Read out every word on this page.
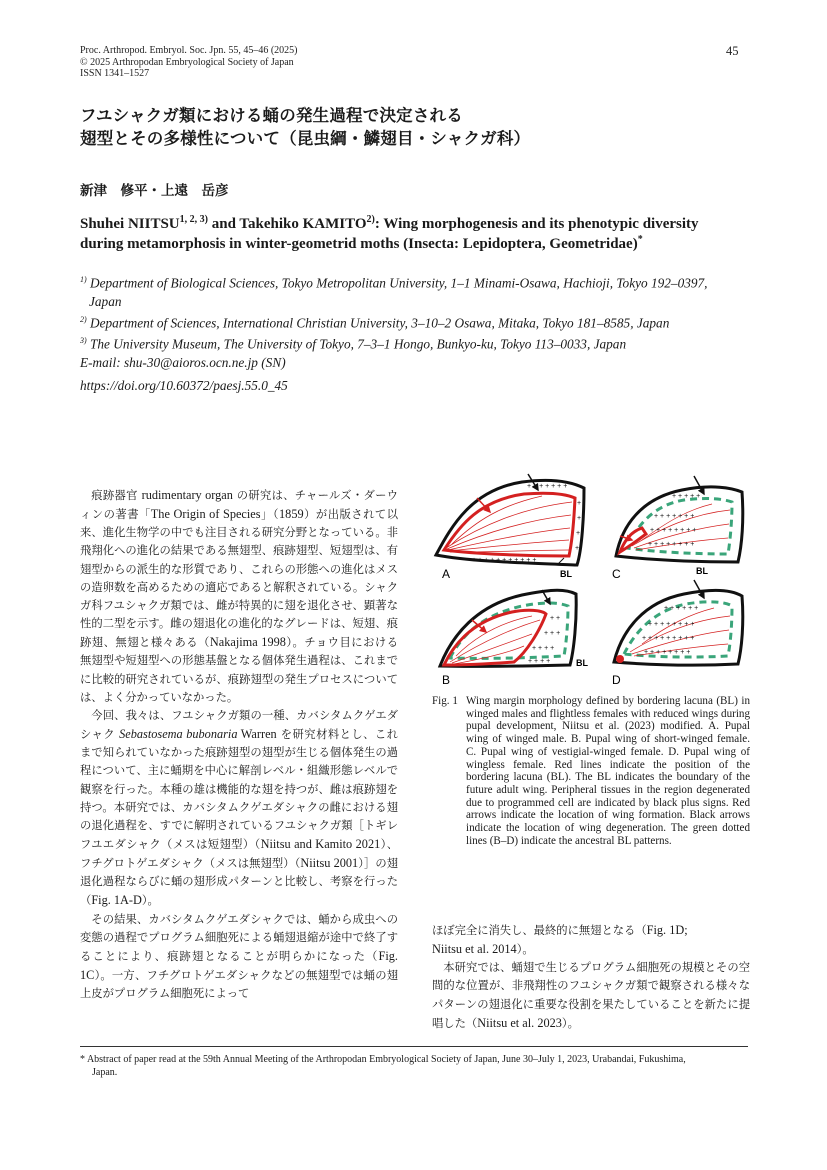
Proc. Arthropod. Embryol. Soc. Jpn. 55, 45–46 (2025)
© 2025 Arthropodan Embryological Society of Japan
ISSN 1341–1527
45
フユシャクガ類における蛹の発生過程で決定される
翅型とその多様性について（昆虫綱・鱗翅目・シャクガ科）
新津　修平・上遠　岳彦
Shuhei NIITSU$^{1, 2, 3)}$ and Takehiko KAMITO$^{2)}$: Wing morphogenesis and its phenotypic diversity
during metamorphosis in winter-geometrid moths (Insecta: Lepidoptera, Geometridae)*
$^{1)}$ Department of Biological Sciences, Tokyo Metropolitan University, 1–1 Minami-Osawa, Hachioji, Tokyo 192–0397,
Japan
$^{2)}$ Department of Sciences, International Christian University, 3–10–2 Osawa, Mitaka, Tokyo 181–8585, Japan
$^{3)}$ The University Museum, The University of Tokyo, 7–3–1 Hongo, Bunkyo-ku, Tokyo 113–0033, Japan
E-mail: shu-30@aioros.ocn.ne.jp (SN)
https://doi.org/10.60372/paesj.55.0_45

痕跡器官 rudimentary organ の研究は、チャールズ・ダーウィンの著書「The Origin of Species」（1859）が出版されて以来、進化生物学の中でも注目される研究分野となっている。非飛翔化への進化の結果である無翅型、痕跡翅型、短翅型は、有翅型からの派生的な形質であり、これらの形態への進化はメスの造卵数を高めるための適応であると解釈されている。シャクガ科フユシャクガ類では、雌が特異的に翅を退化させ、顕著な性的二型を示す。雌の翅退化の進化的なグレードは、短翅、痕跡翅、無翅と様々ある（Nakajima 1998）。チョウ目における無翅型や短翅型への形態基盤となる個体発生過程は、これまでに比較的研究されているが、痕跡翅型の発生プロセスについては、よく分かっていなかった。

今回、我々は、フユシャクガ類の一種、カバシタムクゲエダシャク Sebastosema bubonaria Warren を研究材料とし、これまで知られていなかった痕跡翅型の翅型が生じる個体発生の過程について、主に蛹期を中心に解剖レベル・組織形態レベルで観察を行った。本種の雄は機能的な翅を持つが、雌は痕跡翅を持つ。本研究では、カバシタムクゲエダシャクの雌における翅の退化過程を、すでに解明されているフユシャクガ類［トギレフユエダシャク（メスは短翅型）（Niitsu and Kamito 2021）、フチグロトゲエダシャク（メスは無翅型）（Niitsu 2001）］の翅退化過程ならびに蛹の翅形成パターンと比較し、考察を行った（Fig. 1A-D）。

その結果、カバシタムクゲエダシャクでは、蛹から成虫への変態の過程でプログラム細胞死による蛹翅退縮が途中で終了することにより、痕跡翅となることが明らかになった（Fig. 1C）。一方、フチグロトゲエダシャクなどの無翅型では蛹の翅上皮がプログラム細胞死によって

+ + + + + + +
+
+
+
+
+ + + + + + + + + + +
A	BL
+ + + + +
+ + + + + + +
+ + + + + + + +
+ + + + + + + +
C	BL
+ +
+ + +
+ + + +
+ + + +
B
BL
+ + + + + +
+ + + + + + + +
+ + + + + + + + +
+ + + + + + + +
D
Fig. 1 Wing margin morphology defined by bordering lacuna (BL) in winged males and flightless females with reduced wings during pupal development, Niitsu et al. (2023) modified. A. Pupal wing of winged male. B. Pupal wing of short-winged female. C. Pupal wing of vestigial-winged female. D. Pupal wing of wingless female. Red lines indicate the position of the bordering lacuna (BL). The BL indicates the boundary of the future adult wing. Peripheral tissues in the region degenerated due to programmed cell are indicated by black plus signs. Red arrows indicate the location of wing formation. Black arrows indicate the location of wing degeneration. The green dotted lines (B–D) indicate the ancestral BL patterns.

ほぼ完全に消失し、最終的に無翅となる（Fig. 1D;
Niitsu et al. 2014）。

本研究では、蛹翅で生じるプログラム細胞死の規模とその空間的な位置が、非飛翔性のフユシャクガ類で観察される様々なパターンの翅退化に重要な役割を果たしていることを新たに提唱した（Niitsu et al. 2023）。

* Abstract of paper read at the 59th Annual Meeting of the Arthropodan Embryological Society of Japan, June 30–July 1, 2023, Urabandai, Fukushima,
Japan.
